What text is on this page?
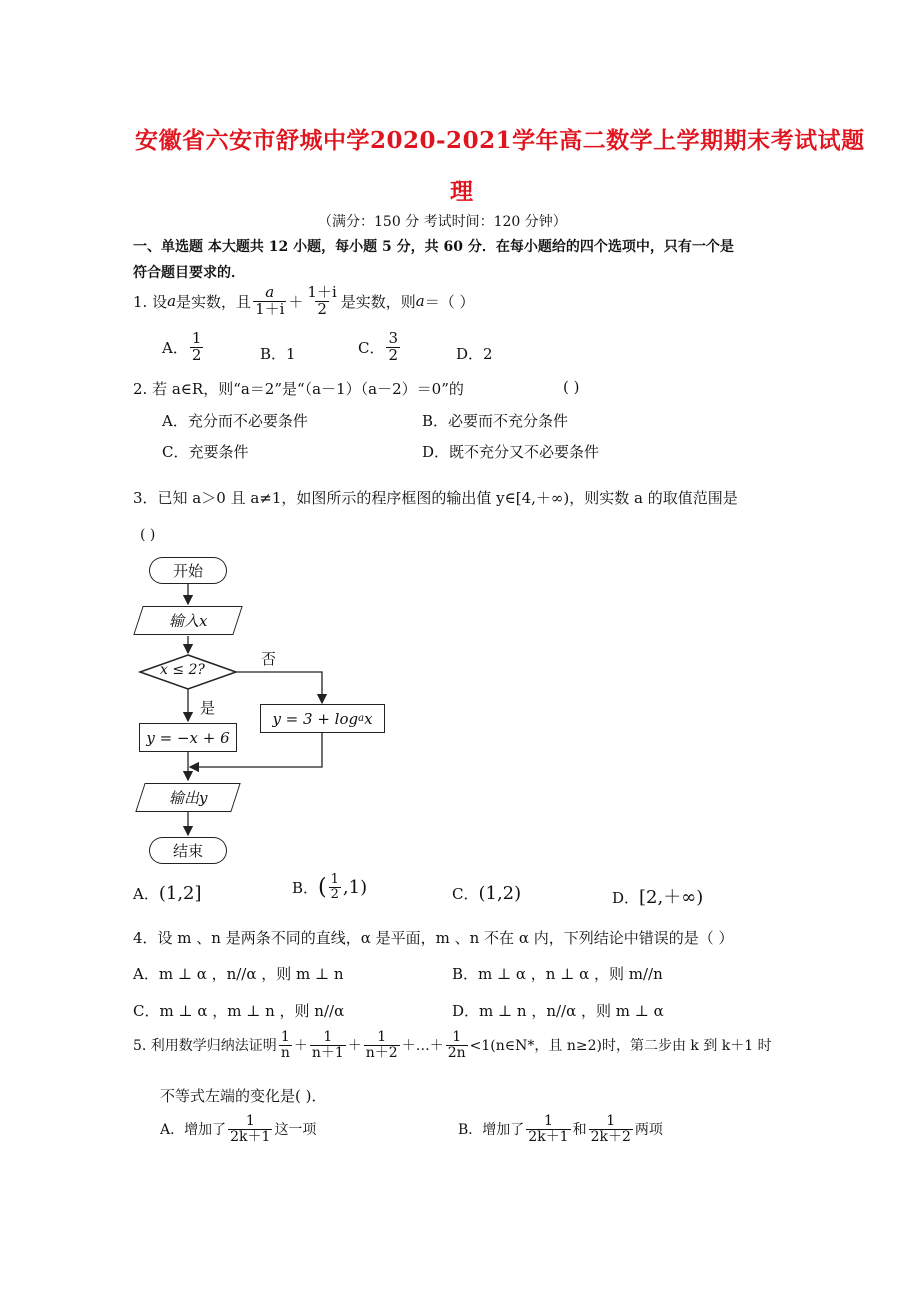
安徽省六安市舒城中学2020-2021学年高二数学上学期期末考试试题
理
（满分：150 分 考试时间：120 分钟）
一、单选题 本大题共 12 小题，每小题 5 分，共 60 分．在每小题给的四个选项中，只有一个是
符合题目要求的．
1. 设 a 是实数，且 $\frac{a}{1+i} + \frac{1+i}{2}$ 是实数，则 a ＝（ ）
A． $\frac{1}{2}$	B．1	C． $\frac{3}{2}$	D．2
2. 若 a∈R，则“a＝2”是“（a－1）（a－2）＝0”的	( )
A．充分而不必要条件	B．必要而不充分条件
C．充要条件	D．既不充分又不必要条件
3．已知 a＞0 且 a≠1，如图所示的程序框图的输出值 y∈[4,＋∞)，则实数 a 的取值范围是
( )
开始
输入x
x ≤ 2?
否
是
y = −x + 6
y = 3 + log a x
输出y
结束
A．(1,2]	B． ( $\frac{1}{2} ,1$)	C．(1,2)	D．[2,＋∞)
4．设 m 、n 是两条不同的直线，α 是平面，m 、n 不在 α 内，下列结论中错误的是（ ）
A．m ⊥ α ，n//α ，则 m ⊥ n	B．m ⊥ α ，n ⊥ α ，则 m//n
C．m ⊥ α ，m ⊥ n ，则 n//α	D．m ⊥ n ，n//α ，则 m ⊥ α
5. 利用数学归纳法证明 $\frac{1}{n} + \frac{1}{n+1} + \frac{1}{n+2}$ ＋…＋ $\frac{1}{2n}$ <1(n∈N*，且 n≥2)时，第二步由 k 到 k＋1 时
不等式左端的变化是( )．
A．增加了 $\frac{1}{2k+1}$ 这一项	B．增加了 $\frac{1}{2k+1}$ 和 $\frac{1}{2k+2}$ 两项
